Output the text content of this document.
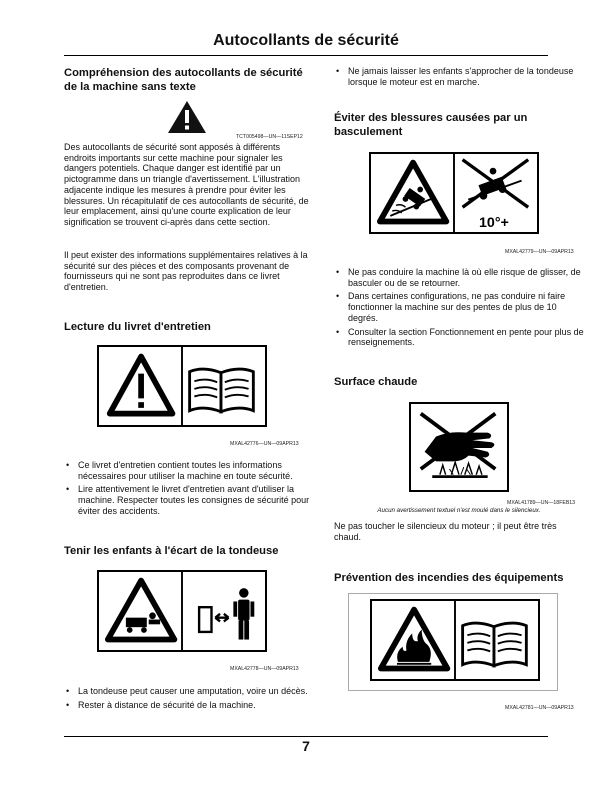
Autocollants de sécurité
Compréhension des autocollants de sécurité de la machine sans texte
TCT005498—UN—11SEP12

Des autocollants de sécurité sont apposés à différents endroits importants sur cette machine pour signaler les dangers potentiels. Chaque danger est identifié par un pictogramme dans un triangle d'avertissement. L'illustration adjacente indique les mesures à prendre pour éviter les blessures. Un récapitulatif de ces autocollants de sécurité, de leur emplacement, ainsi qu'une courte explication de leur signification se trouvent ci-après dans cette section.

Il peut exister des informations supplémentaires relatives à la sécurité sur des pièces et des composants provenant de fournisseurs qui ne sont pas reproduites dans ce livret d'entretien.

Lecture du livret d'entretien
MXAL42776—UN—09APR13
• Ce livret d'entretien contient toutes les informations nécessaires pour utiliser la machine en toute sécurité.
• Lire attentivement le livret d'entretien avant d'utiliser la machine. Respecter toutes les consignes de sécurité pour éviter des accidents.
Tenir les enfants à l'écart de la tondeuse
MXAL42778—UN—09APR13
• La tondeuse peut causer une amputation, voire un décès.
• Rester à distance de sécurité de la machine.
• Ne jamais laisser les enfants s'approcher de la tondeuse lorsque le moteur est en marche.
Éviter des blessures causées par un basculement
10°+
MXAL42779—UN—09APR13
• Ne pas conduire la machine là où elle risque de glisser, de basculer ou de se retourner.
• Dans certaines configurations, ne pas conduire ni faire fonctionner la machine sur des pentes de plus de 10 degrés.
• Consulter la section Fonctionnement en pente pour plus de renseignements.
Surface chaude
MXAL41789—UN—18FEB13
Aucun avertissement textuel n'est moulé dans le silencieux.

Ne pas toucher le silencieux du moteur ; il peut être très chaud.

Prévention des incendies des équipements
MXAL42781—UN—09APR13
7
